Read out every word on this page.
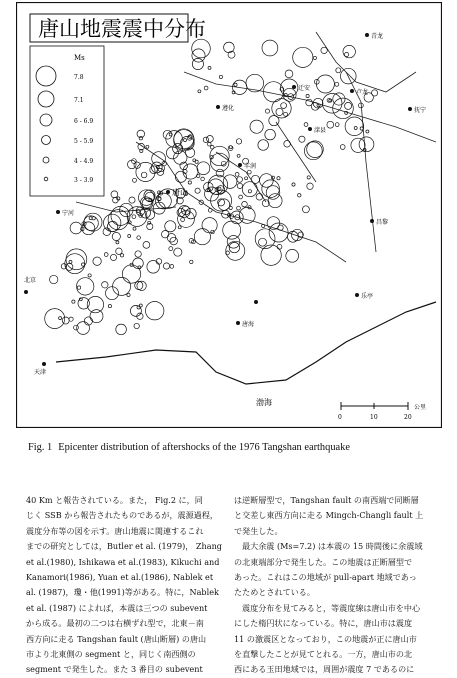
唐山地震震中分布
Ms
7.8
7.1
6 - 6.9
5 - 5.9
4 - 4.9
3 - 3.9
遵化
迁安
青龙
丰润
唐山
滦县
卢龙
抚宁
宁河
昌黎
乐亭
唐海
北京
天津
渤海
0	10	20
公里
Fig. 1 Epicenter distribution of aftershocks of the 1976 Tangshan earthquake
40 Km と報告されている。また， Fig.2 に，同
じく SSB から報告されたものであるが，震源過程，
震度分布等の図を示す。唐山地震に関連するこれ
までの研究としては，Butler et al. (1979)， Zhang
et al.(1980), Ishikawa et al.(1983), Kikuchi and
Kanamori(1986), Yuan et al.(1986), Nablek et
al. (1987)，瓊・他(1991)等がある。特に，Nablek
et al. (1987) によれば，本震は三つの subevent
から成る。最初の二つは右横ずれ型で，北東－南
西方向に走る Tangshan fault (唐山断層) の唐山
市より北東側の segment と，同じく南西側の
segment で発生した。また 3 番目の subevent
は逆断層型で，Tangshan fault の南西端で同断層
と交差し東西方向に走る Mingch-Changli fault 上
で発生した。
最大余震 (Ms=7.2) は本震の 15 時間後に余震域
の北東端部分で発生した。この地震は正断層型で
あった。これはこの地域が pull-apart 地域であっ
たためとされている。
震度分布を見てみると，等震度線は唐山市を中心
にした楕円状になっている。特に，唐山市は震度
11 の激震区となっており，この地震が正に唐山市
を直撃したことが見てとれる。一方，唐山市の北
西にある玉田地域では，周囲が震度 7 であるのに
